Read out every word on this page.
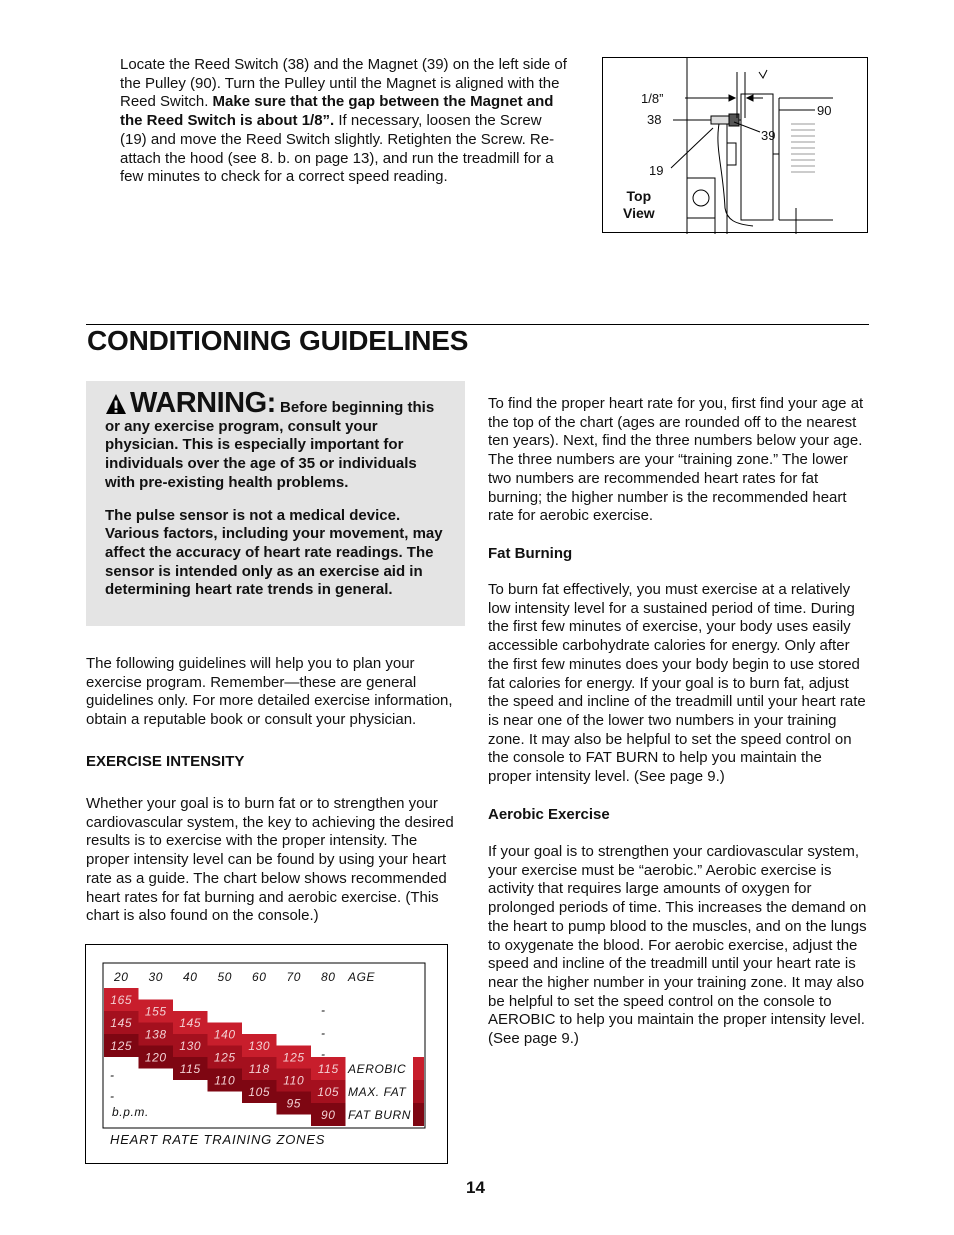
Locate the Reed Switch (38) and the Magnet (39) on the left side of the Pulley (90). Turn the Pulley until the Magnet is aligned with the Reed Switch. Make sure that the gap between the Magnet and the Reed Switch is about 1/8”. If necessary, loosen the Screw (19) and move the Reed Switch slightly. Retighten the Screw. Re-attach the hood (see 8. b. on page 13), and run the treadmill for a few minutes to check for a correct speed reading.
1/8”
38
90
39
19
Top
View
CONDITIONING GUIDELINES
WARNING: Before beginning this or any exercise program, consult your physician. This is especially important for individuals over the age of 35 or individuals with pre-existing health problems.
The pulse sensor is not a medical device. Various factors, including your movement, may affect the accuracy of heart rate readings. The sensor is intended only as an exercise aid in determining heart rate trends in general.
The following guidelines will help you to plan your exercise program. Remember—these are general guidelines only. For more detailed exercise information, obtain a reputable book or consult your physician.
EXERCISE INTENSITY
Whether your goal is to burn fat or to strengthen your cardiovascular system, the key to achieving the desired results is to exercise with the proper intensity. The proper intensity level can be found by using your heart rate as a guide. The chart below shows recommended heart rates for fat burning and aerobic exercise. (This chart is also found on the console.)
20 30 40 50 60 70 80 AGE
165
145
125
155
138
120
145
130
115
140
125
110
130
118
105
125
110
95
115
105
90
-
-
-
-
-
AEROBIC
MAX. FAT
FAT BURN
b.p.m.
HEART RATE TRAINING ZONES
To find the proper heart rate for you, first find your age at the top of the chart (ages are rounded off to the nearest ten years). Next, find the three numbers below your age. The three numbers are your “training zone.” The lower two numbers are recommended heart rates for fat burning; the higher number is the recommended heart rate for aerobic exercise.
Fat Burning
To burn fat effectively, you must exercise at a relatively low intensity level for a sustained period of time. During the first few minutes of exercise, your body uses easily accessible carbohydrate calories for energy. Only after the first few minutes does your body begin to use stored fat calories for energy. If your goal is to burn fat, adjust the speed and incline of the treadmill until your heart rate is near one of the lower two numbers in your training zone. It may also be helpful to set the speed control on the console to FAT BURN to help you maintain the proper intensity level. (See page 9.)
Aerobic Exercise
If your goal is to strengthen your cardiovascular system, your exercise must be “aerobic.” Aerobic exercise is activity that requires large amounts of oxygen for prolonged periods of time. This increases the demand on the heart to pump blood to the muscles, and on the lungs to oxygenate the blood. For aerobic exercise, adjust the speed and incline of the treadmill until your heart rate is near the higher number in your training zone. It may also be helpful to set the speed control on the console to AEROBIC to help you maintain the proper intensity level. (See page 9.)
14
